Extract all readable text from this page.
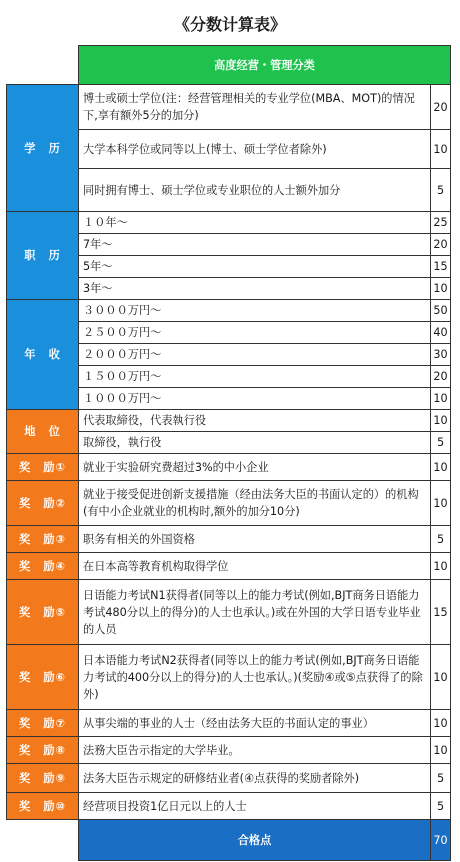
《分数计算表》
	高度经营・管理分类	
学　历	博士或硕士学位(注：经营管理相关的专业学位(MBA、MOT)的情况下,享有额外5分的加分)	20
	大学本科学位或同等以上(博士、硕士学位者除外)	10
	同时拥有博士、硕士学位或专业职位的人士额外加分	5
职　历	１０年～	25
	7年～	20
	5年～	15
	3年～	10
年　收	３０００万円～	50
	２５００万円～	40
	２０００万円～	30
	１５００万円～	20
	１０００万円～	10
地　位	代表取締役，代表執行役	10
	取締役，執行役	5
奖　励①	就业于实验研究费超过3%的中小企业	10
奖　励②	就业于接受促进创新支援措施（经由法务大臣的书面认定的）的机构(有中小企业就业的机构时,额外的加分10分)	10
奖　励③	职务有相关的外国资格	5
奖　励④	在日本高等教育机构取得学位	10
奖　励⑤	日语能力考试N1获得者(同等以上的能力考试(例如,BJT商务日语能力考试480分以上的得分)的人士也承认。)或在外国的大学日语专业毕业的人员	15
奖　励⑥	日本语能力考试N2获得者(同等以上的能力考试(例如,BJT商务日语能力考试的400分以上的得分)的人士也承认。)(奖励④或⑤点获得了的除外)	10
奖　励⑦	从事尖端的事业的人士（经由法务大臣的书面认定的事业）	10
奖　励⑧	法務大臣告示指定的大学毕业。	10
奖　励⑨	法务大臣告示规定的研修结业者(④点获得的奖励者除外)	5
奖　励⑩	经营项目投资1亿日元以上的人士	5
	合格点	70
